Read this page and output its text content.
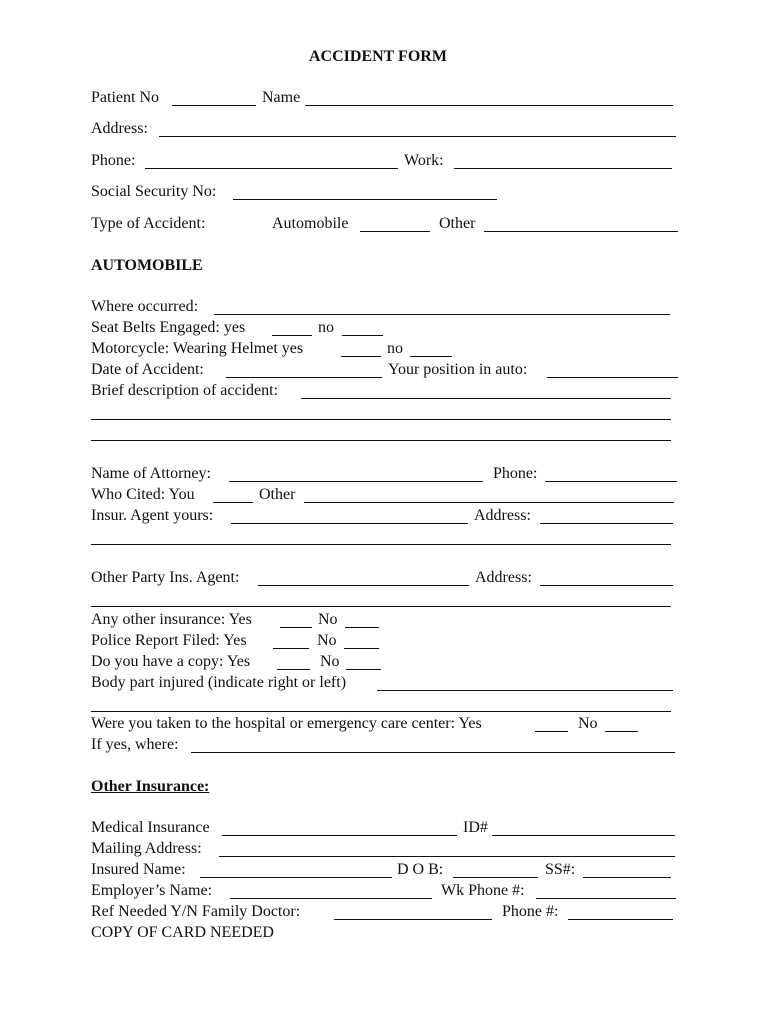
ACCIDENT FORM
Patient No	Name
Address:
Phone:	Work:
Social Security No:
Type of Accident:	Automobile	Other
AUTOMOBILE
Where occurred:
Seat Belts Engaged: yes	no
Motorcycle: Wearing Helmet yes	no
Date of Accident:	Your position in auto:
Brief description of accident:
Name of Attorney:	Phone:
Who Cited: You	Other
Insur. Agent yours:	Address:
Other Party Ins. Agent:	Address:
Any other insurance: Yes	No
Police Report Filed: Yes	No
Do you have a copy: Yes	No
Body part injured (indicate right or left)
Were you taken to the hospital or emergency care center: Yes	No
If yes, where:
Other Insurance:
Medical Insurance	ID#
Mailing Address:
Insured Name:	D O B:	SS#:
Employer’s Name:	Wk Phone #:
Ref Needed Y/N Family Doctor:	Phone #:
COPY OF CARD NEEDED
